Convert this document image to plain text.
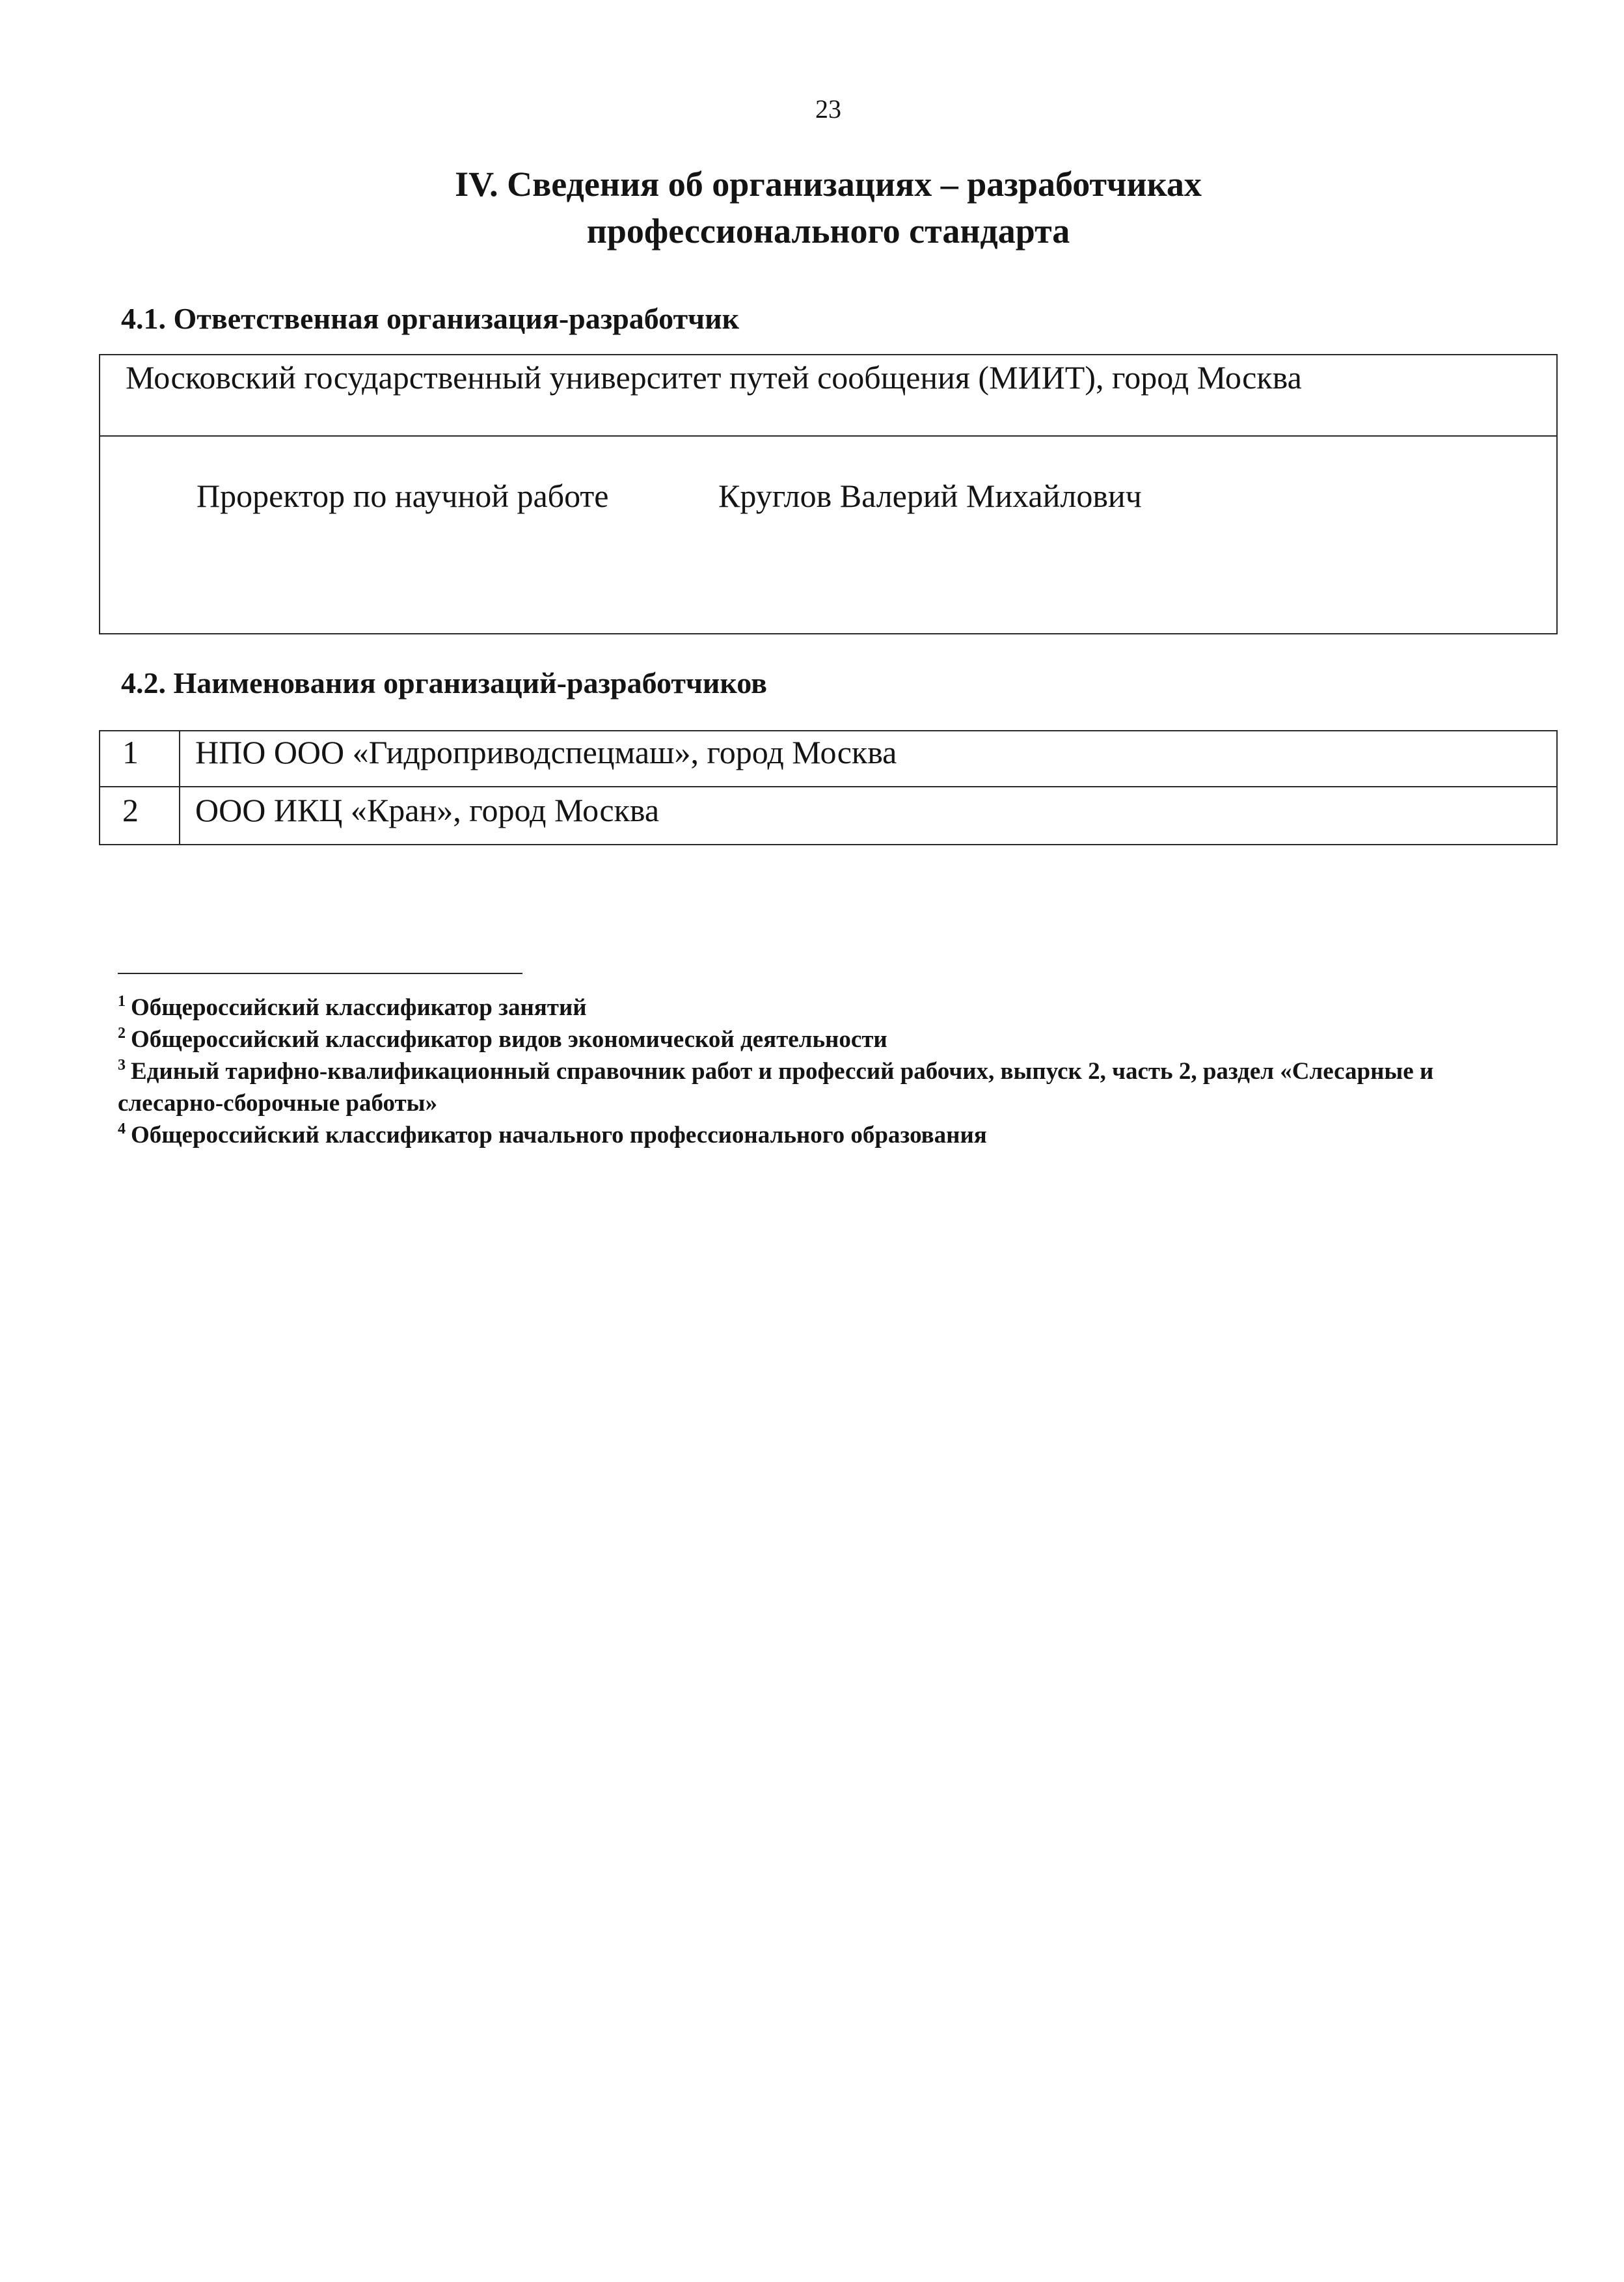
23
IV. Сведения об организациях – разработчиках
профессионального стандарта
4.1. Ответственная организация-разработчик
Московский государственный университет путей сообщения (МИИТ), город Москва
Проректор по научной работе	Круглов Валерий Михайлович
4.2. Наименования организаций-разработчиков
1	НПО ООО «Гидроприводспецмаш», город Москва
2	ООО ИКЦ «Кран», город Москва

$^1$ Общероссийский классификатор занятий

$^2$ Общероссийский классификатор видов экономической деятельности

$^3$ Единый тарифно-квалификационный справочник работ и профессий рабочих, выпуск 2, часть 2, раздел «Слесарные и слесарно-сборочные работы»

$^4$ Общероссийский классификатор начального профессионального образования
